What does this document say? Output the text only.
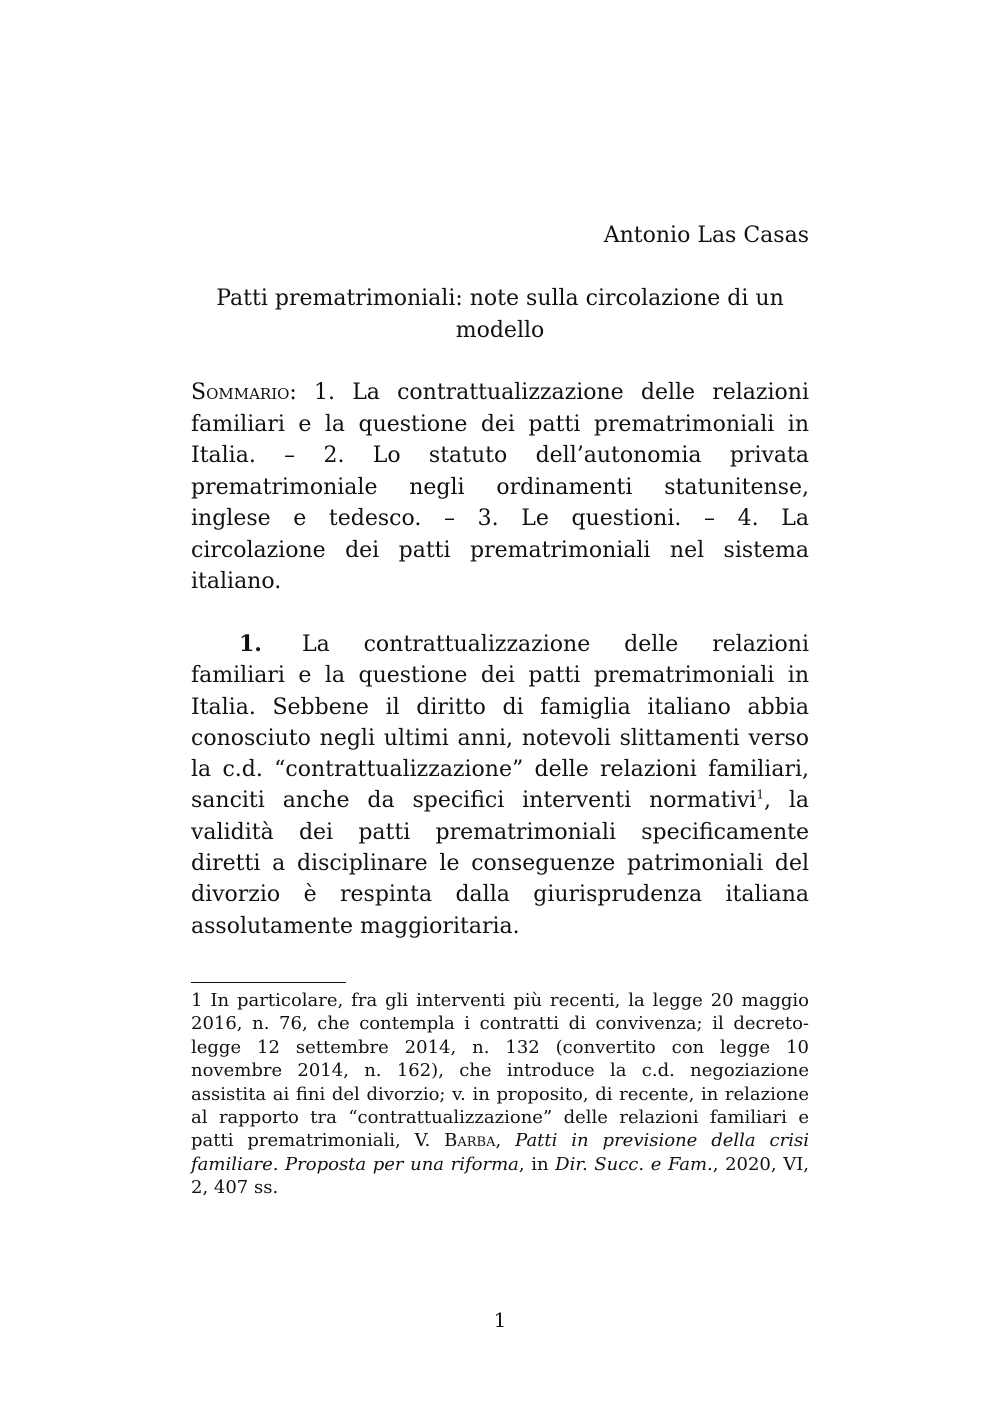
Antonio Las Casas

Patti prematrimoniali: note sulla circolazione di un modello

Sommario: 1. La contrattualizzazione delle relazioni familiari e la questione dei patti prematrimoniali in Italia. – 2. Lo statuto dell’autonomia privata prematrimoniale negli ordinamenti statunitense, inglese e tedesco. – 3. Le questioni. – 4. La circolazione dei patti prematrimoniali nel sistema italiano.

1. La contrattualizzazione delle relazioni familiari e la questione dei patti prematrimoniali in Italia. Sebbene il diritto di famiglia italiano abbia conosciuto negli ultimi anni, notevoli slittamenti verso la c.d. “contrattualizzazione” delle relazioni familiari, sanciti anche da specifici interventi normativi$^1$, la validità dei patti prematrimoniali specificamente diretti a disciplinare le conseguenze patrimoniali del divorzio è respinta dalla giurisprudenza italiana assolutamente maggioritaria.

1 In particolare, fra gli interventi più recenti, la legge 20 maggio 2016, n. 76, che contempla i contratti di convivenza; il decreto-legge 12 settembre 2014, n. 132 (convertito con legge 10 novembre 2014, n. 162), che introduce la c.d. negoziazione assistita ai fini del divorzio; v. in proposito, di recente, in relazione al rapporto tra “contrattualizzazione” delle relazioni familiari e patti prematrimoniali, V. Barba, Patti in previsione della crisi familiare. Proposta per una riforma, in Dir. Succ. e Fam., 2020, VI, 2, 407 ss.

1
